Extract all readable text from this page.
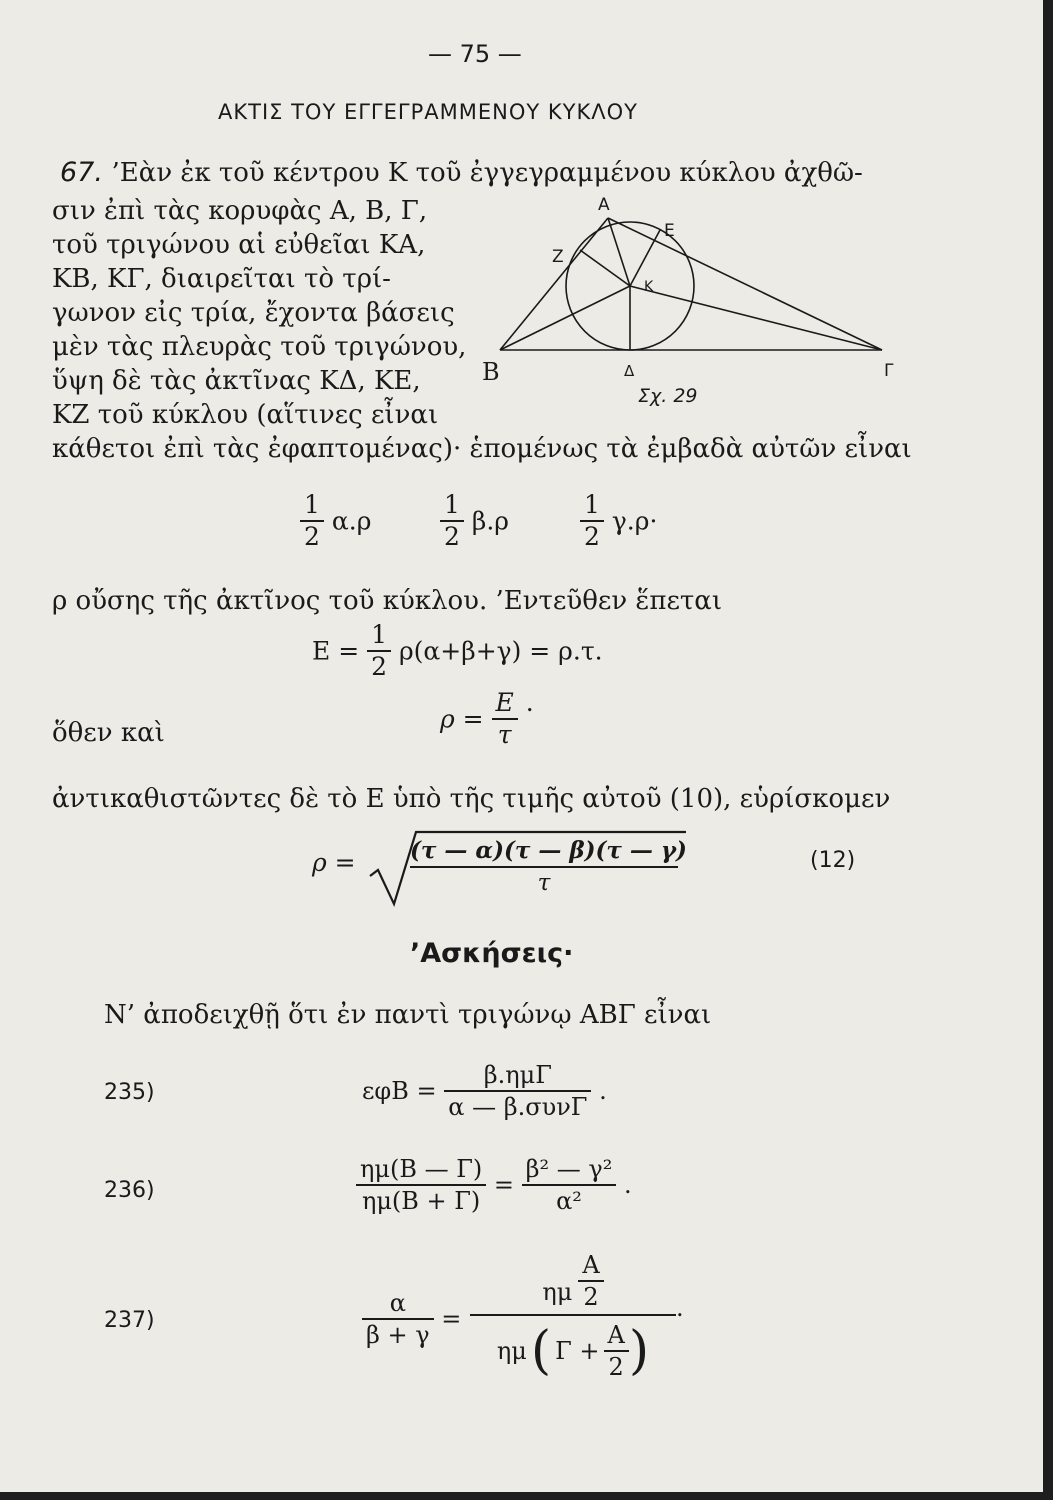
— 75 —
ΑΚΤΙΣ ΤΟΥ ΕΓΓΕΓΡΑΜΜΕΝΟΥ ΚΥΚΛΟΥ
67. ’Εὰν ἐκ τοῦ κέντρου Κ τοῦ ἐγγεγραμμένου κύκλου ἀχθῶ-
σιν ἐπὶ τὰς κορυφὰς Α, Β, Γ,
τοῦ τριγώνου αἱ εὐθεῖαι ΚΑ,
ΚΒ, ΚΓ, διαιρεῖται τὸ τρί-
γωνον εἰς τρία, ἔχοντα βάσεις
μὲν τὰς πλευρὰς τοῦ τριγώνου,
ὕψη δὲ τὰς ἀκτῖνας ΚΔ, ΚΕ,
ΚΖ τοῦ κύκλου (αἵτινες εἶναι
κάθετοι ἐπὶ τὰς ἐφαπτομένας)· ἑπομένως τὰ ἐμβαδὰ αὐτῶν εἶναι
Α
Ε
Ζ
Κ
Δ	Γ
Β
Σχ. 29
$\frac{1}{2} \alpha.\rho$	$\frac{1}{2} \beta.\rho$	$\frac{1}{2} \gamma.\rho\cdot$
ρ οὔσης τῆς ἀκτῖνος τοῦ κύκλου. ’Εντεῦθεν ἕπεται
$E = \frac{1}{2} \rho(\alpha+\beta+\gamma) = \rho.\tau$.
ὅθεν καὶ	$\rho = \frac{E}{\tau}$ .
ἀντικαθιστῶντες δὲ τὸ Ε ὑπὸ τῆς τιμῆς αὐτοῦ (10), εὑρίσκομεν
ρ = (τ — α)(τ — β)(τ — γ)
τ
(12)
’Ασκήσεις·
Ν’ ἀποδειχθῇ ὅτι ἐν παντὶ τριγώνῳ ΑΒΓ εἶναι
235)	$\varepsilon\varphi B = \frac{\text{β.ημΓ}}{\text{α — β.συνΓ}}$ .
236)	$\frac{\eta\mu(B — \Gamma)}{\eta\mu(B + \Gamma)} = \frac{\text{β² — γ²}}{\text{α²}}$ .
237)	$\frac{\alpha}{\beta + \gamma}$ =
ημ $\frac{A}{2}$
ημ ( $\Gamma + \frac{A}{2}$ )
.
